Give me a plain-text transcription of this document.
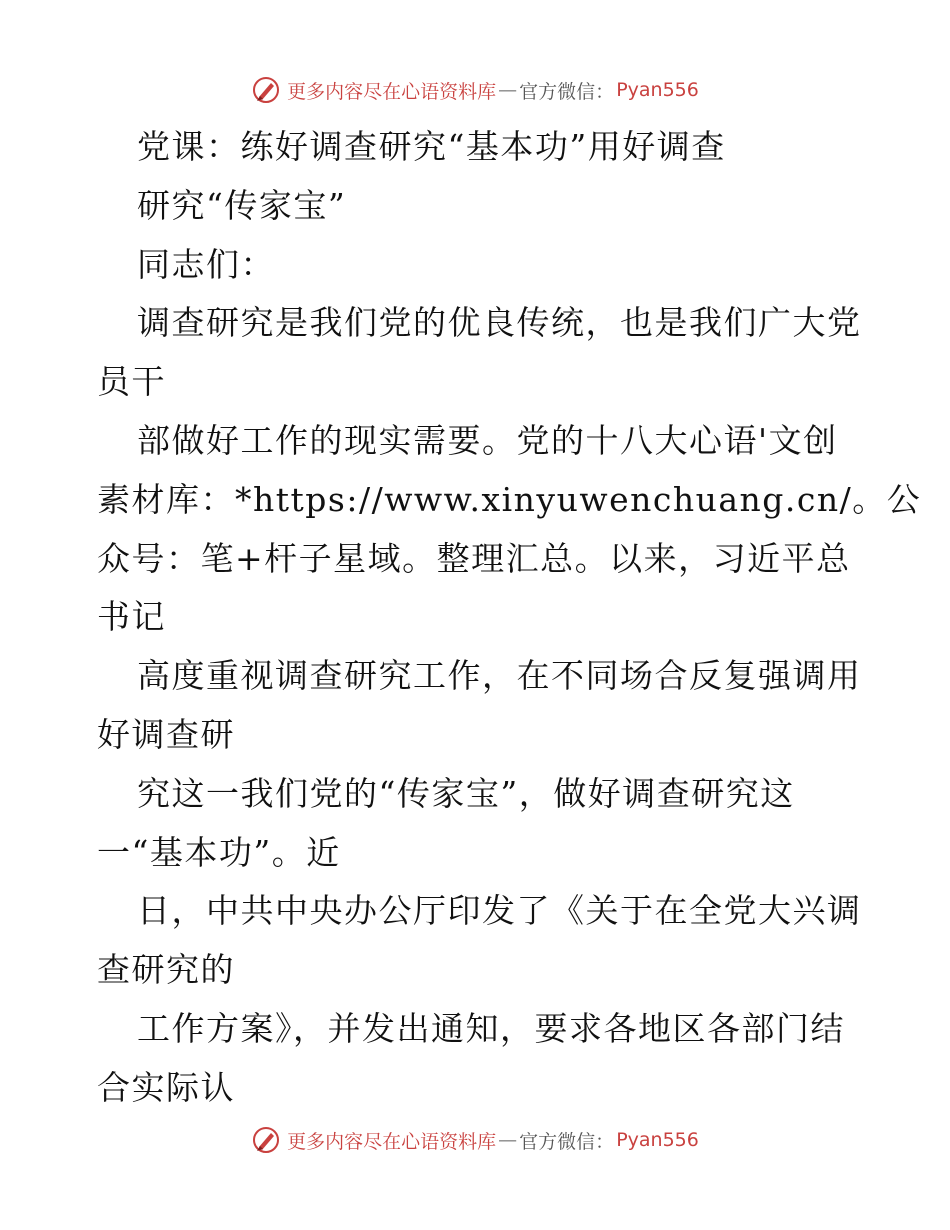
更多内容尽在心语资料库 — 官方微信： Pyan556
党课：练好调查研究“基本功”用好调查
研究“传家宝”
同志们：
调查研究是我们党的优良传统，也是我们广大党
员干
部做好工作的现实需要。党的十八大心语'文创
素材库：*https://www.xinyuwenchuang.cn/。公
众号：笔+杆子星域。整理汇总。以来，习近平总
书记
高度重视调查研究工作，在不同场合反复强调用
好调查研
究这一我们党的“传家宝”，做好调查研究这
一“基本功”。近
日，中共中央办公厅印发了《关于在全党大兴调
查研究的
工作方案》，并发出通知，要求各地区各部门结
合实际认
更多内容尽在心语资料库 — 官方微信： Pyan556
